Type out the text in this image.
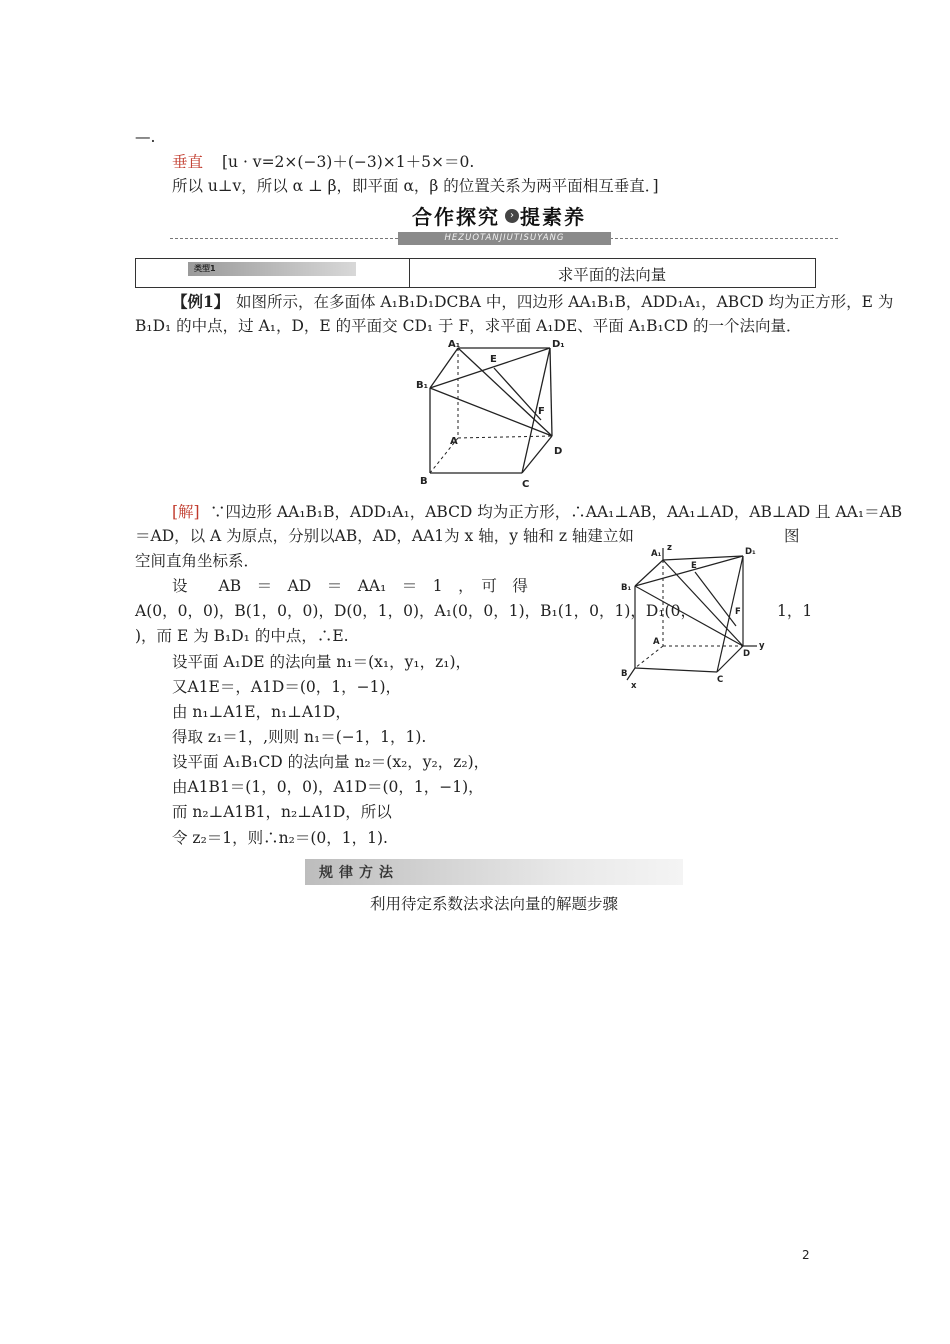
—.
垂直 [u · v=2×(−3)＋(−3)×1＋5×＝0.
所以 u⊥v，所以 α ⊥ β，即平面 α，β 的位置关系为两平面相互垂直．]
合作探究 提素养
›
HEZUOTANJIUTISUYANG
类型1	求平面的法向量
【例1】 如图所示，在多面体 A₁B₁D₁DCBA 中，四边形 AA₁B₁B，ADD₁A₁，ABCD 均为正方形，E 为
B₁D₁ 的中点，过 A₁，D，E 的平面交 CD₁ 于 F，求平面 A₁DE、平面 A₁B₁CD 的一个法向量．
A₁	D₁
E
B₁
F
A
D
B	C
[解] ∵四边形 AA₁B₁B，ADD₁A₁，ABCD 均为正方形，∴AA₁⊥AB，AA₁⊥AD，AB⊥AD 且 AA₁＝AB
＝AD，以 A 为原点，分别以AB，AD，AA1为 x 轴，y 轴和 z 轴建立如	图
空间直角坐标系．
设　　AB　＝　AD　＝　AA₁　＝　1　，　可　得
A(0，0，0)，B(1，0，0)，D(0，1，0)，A₁(0，0，1)，B₁(1，0，1)，D₁(0，	1，1
)，而 E 为 B₁D₁ 的中点，∴E.
设平面 A₁DE 的法向量 n₁＝(x₁，y₁，z₁)，
又A1E＝，A1D＝(0，1，−1)，
由 n₁⊥A1E，n₁⊥A1D，
得取 z₁＝1，,则则 n₁＝(−1，1，1).
设平面 A₁B₁CD 的法向量 n₂＝(x₂，y₂，z₂)，
由A1B1＝(1，0，0)，A1D＝(0，1，−1)，
而 n₂⊥A1B1，n₂⊥A1D，所以
令 z₂＝1，则∴n₂＝(0，1，1).
A₁
z	D₁
E
B₁
F
A
D
y
B
C
x
规律方法
利用待定系数法求法向量的解题步骤
2
